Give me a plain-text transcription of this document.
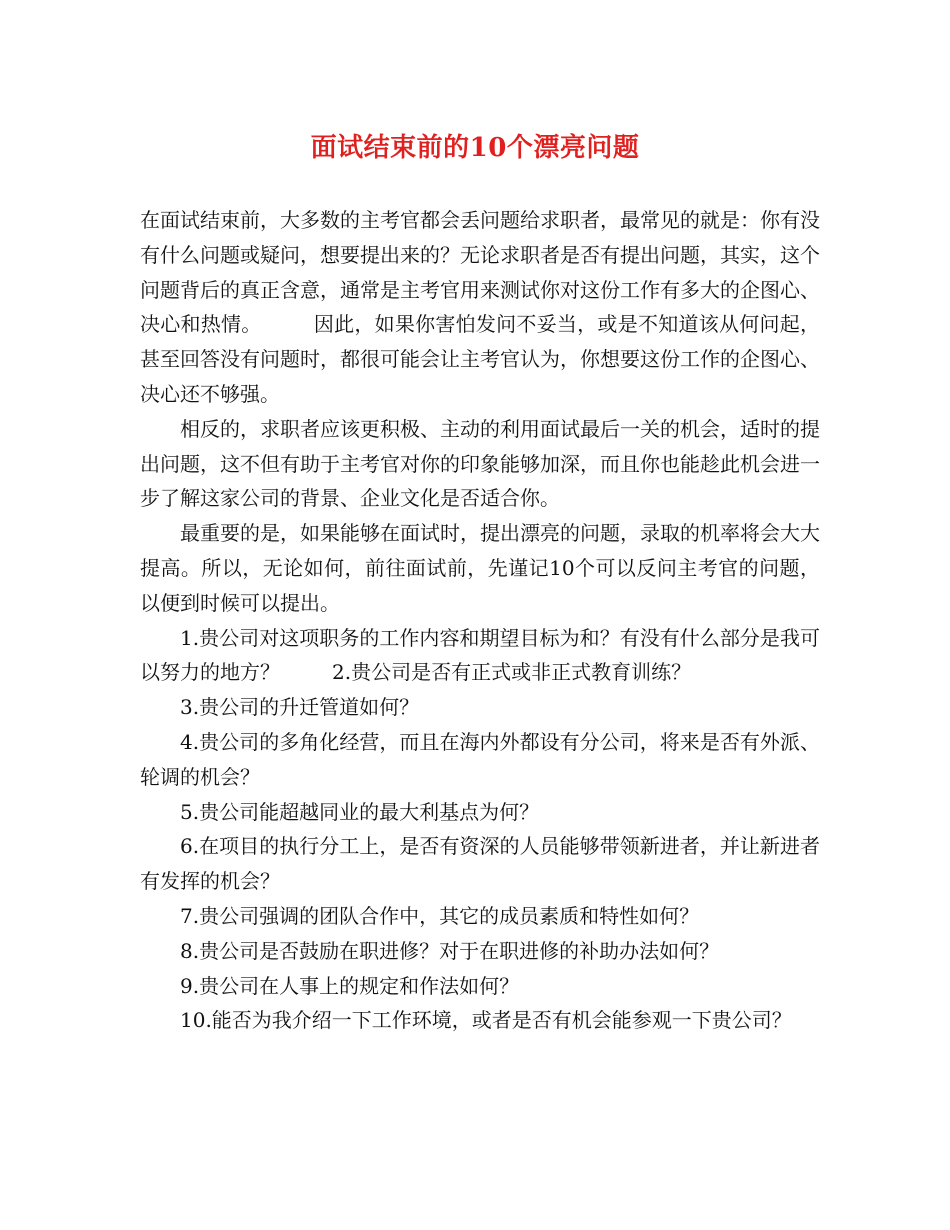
面试结束前的10个漂亮问题

在面试结束前，大多数的主考官都会丢问题给求职者，最常见的就是：你有没有什么问题或疑问，想要提出来的？无论求职者是否有提出问题，其实，这个问题背后的真正含意，通常是主考官用来测试你对这份工作有多大的企图心、决心和热情。	因此，如果你害怕发问不妥当，或是不知道该从何问起，甚至回答没有问题时，都很可能会让主考官认为，你想要这份工作的企图心、决心还不够强。

相反的，求职者应该更积极、主动的利用面试最后一关的机会，适时的提出问题，这不但有助于主考官对你的印象能够加深，而且你也能趁此机会进一步了解这家公司的背景、企业文化是否适合你。

最重要的是，如果能够在面试时，提出漂亮的问题，录取的机率将会大大提高。所以，无论如何，前往面试前，先谨记10个可以反问主考官的问题，以便到时候可以提出。

1.贵公司对这项职务的工作内容和期望目标为和？有没有什么部分是我可以努力的地方？	2.贵公司是否有正式或非正式教育训练？

3.贵公司的升迁管道如何？

4.贵公司的多角化经营，而且在海内外都设有分公司，将来是否有外派、轮调的机会？

5.贵公司能超越同业的最大利基点为何？

6.在项目的执行分工上，是否有资深的人员能够带领新进者，并让新进者有发挥的机会？

7.贵公司强调的团队合作中，其它的成员素质和特性如何？

8.贵公司是否鼓励在职进修？对于在职进修的补助办法如何？

9.贵公司在人事上的规定和作法如何？

10.能否为我介绍一下工作环境，或者是否有机会能参观一下贵公司？
